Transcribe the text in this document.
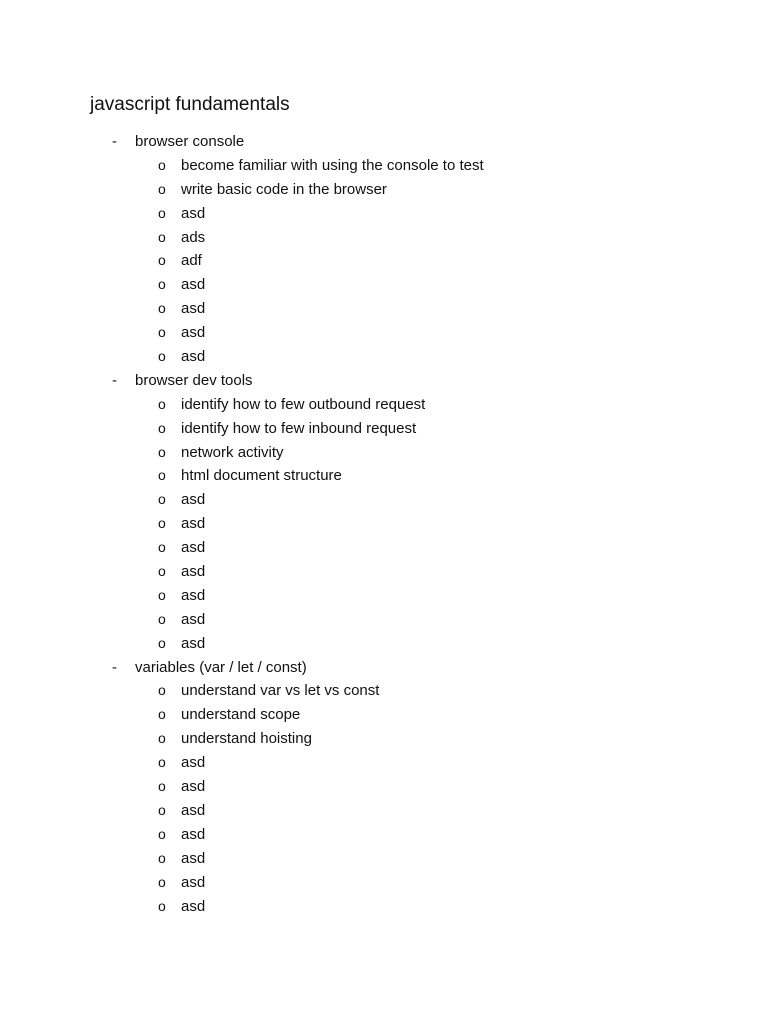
javascript fundamentals
- browser console
o become familiar with using the console to test
o write basic code in the browser
o asd
o ads
o adf
o asd
o asd
o asd
o asd
- browser dev tools
o identify how to few outbound request
o identify how to few inbound request
o network activity
o html document structure
o asd
o asd
o asd
o asd
o asd
o asd
o asd
- variables (var / let / const)
o understand var vs let vs const
o understand scope
o understand hoisting
o asd
o asd
o asd
o asd
o asd
o asd
o asd
